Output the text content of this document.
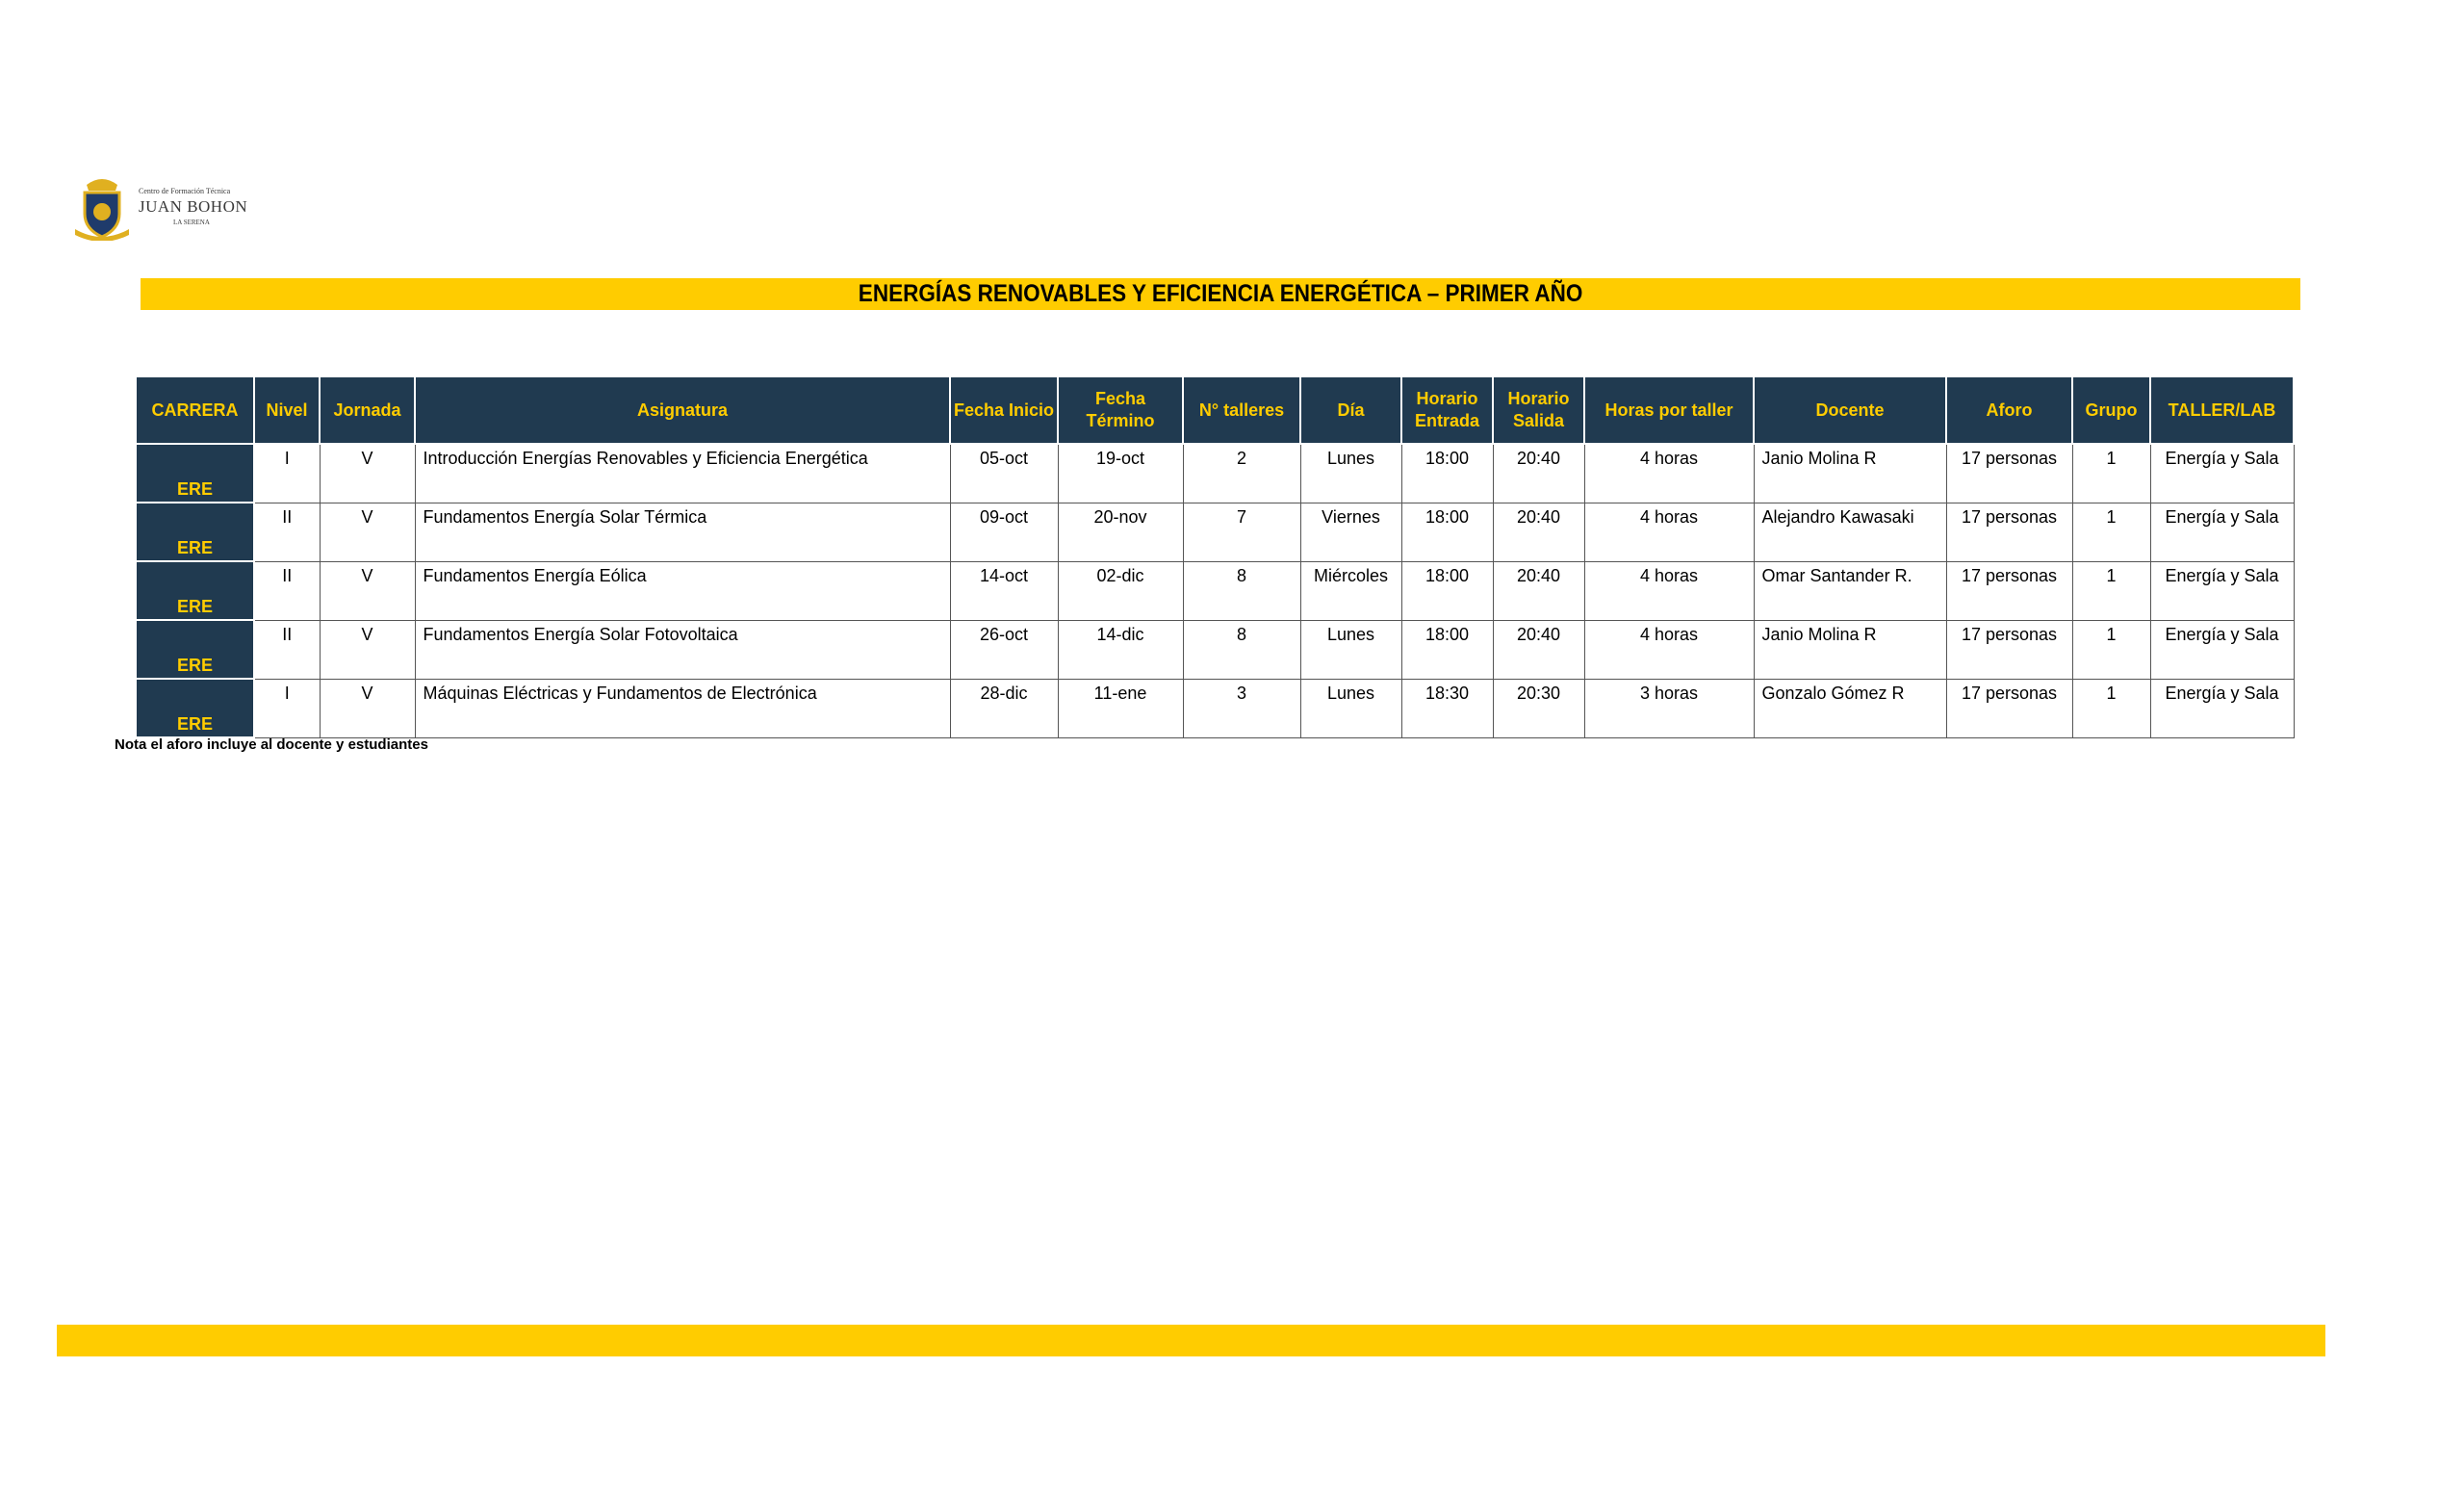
Centro de Formación Técnica
JUAN BOHON
LA SERENA
ENERGÍAS RENOVABLES Y EFICIENCIA ENERGÉTICA – PRIMER AÑO
CARRERA	Nivel	Jornada	Asignatura	Fecha Inicio	Fecha Término	N° talleres	Día	Horario Entrada	Horario Salida	Horas por taller	Docente	Aforo	Grupo	TALLER/LAB
ERE	I	V	Introducción Energías Renovables y Eficiencia Energética	05-oct	19-oct	2	Lunes	18:00	20:40	4 horas	Janio Molina R	17 personas	1	Energía y Sala
ERE	II	V	Fundamentos Energía Solar Térmica	09-oct	20-nov	7	Viernes	18:00	20:40	4 horas	Alejandro Kawasaki	17 personas	1	Energía y Sala
ERE	II	V	Fundamentos Energía Eólica	14-oct	02-dic	8	Miércoles	18:00	20:40	4 horas	Omar Santander R.	17 personas	1	Energía y Sala
ERE	II	V	Fundamentos Energía Solar Fotovoltaica	26-oct	14-dic	8	Lunes	18:00	20:40	4 horas	Janio Molina R	17 personas	1	Energía y Sala
ERE	I	V	Máquinas Eléctricas y Fundamentos de Electrónica	28-dic	11-ene	3	Lunes	18:30	20:30	3 horas	Gonzalo Gómez R	17 personas	1	Energía y Sala
Nota el aforo incluye al docente y estudiantes
